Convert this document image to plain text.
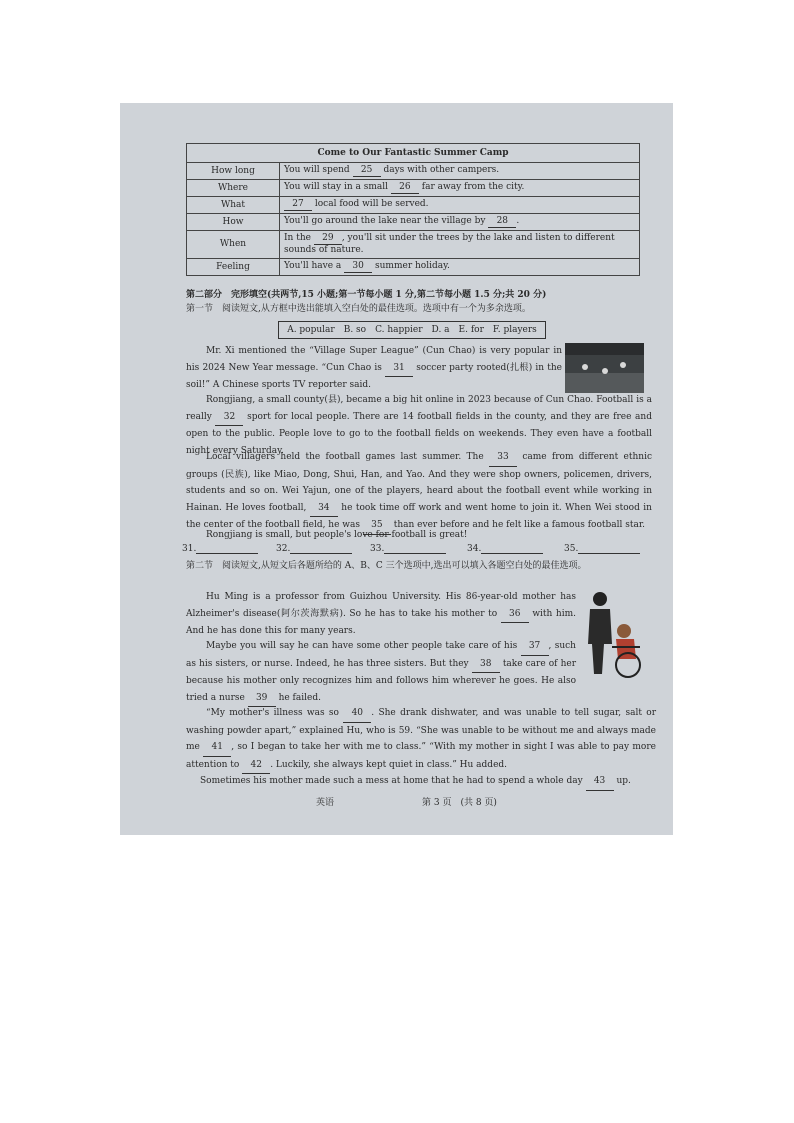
Come to Our Fantastic Summer Camp	
How long	You will spend 25 days with other campers.
Where	You will stay in a small 26 far away from the city.
What	27 local food will be served.
How	You'll go around the lake near the village by 28 .
When	In the 29 , you'll sit under the trees by the lake and listen to different sounds of nature.
Feeling	You'll have a 30 summer holiday.
第二部分　完形填空(共两节,15 小题;第一节每小题 1 分,第二节每小题 1.5 分;共 20 分)
第一节　阅读短文,从方框中选出能填入空白处的最佳选项。选项中有一个为多余选项。
A. popular　B. so　C. happier　D. a　E. for　F. players
Mr. Xi mentioned the “Village Super League” (Cun Chao) is very popular in his 2024 New Year message. “Cun Chao is 31 soccer party rooted(扎根) in the soil!” A Chinese sports TV reporter said.
Rongjiang, a small county(县), became a big hit online in 2023 because of Cun Chao. Football is a really 32 sport for local people. There are 14 football fields in the county, and they are free and open to the public. People love to go to the football fields on weekends. They even have a football night every Saturday.
Local villagers held the football games last summer. The 33 came from different ethnic groups (民族), like Miao, Dong, Shui, Han, and Yao. And they were shop owners, policemen, drivers, students and so on. Wei Yajun, one of the players, heard about the football event while working in Hainan. He loves football, 34 he took time off work and went home to join it. When Wei stood in the center of the football field, he was 35 than ever before and he felt like a famous football star.
Rongjiang is small, but people's love for football is great!
31.	32.	33.	34.	35.
第二节　阅读短文,从短文后各题所给的 A、B、C 三个选项中,选出可以填入各题空白处的最佳选项。
Hu Ming is a professor from Guizhou University. His 86-year-old mother has Alzheimer's disease(阿尔茨海默病). So he has to take his mother to 36 with him. And he has done this for many years.
Maybe you will say he can have some other people take care of his 37 , such as his sisters, or nurse. Indeed, he has three sisters. But they 38 take care of her because his mother only recognizes him and follows him wherever he goes. He also tried a nurse 39 he failed.
“My mother's illness was so 40 . She drank dishwater, and was unable to tell sugar, salt or washing powder apart,” explained Hu, who is 59. “She was unable to be without me and always made me 41 , so I began to take her with me to class.” “With my mother in sight I was able to pay more attention to 42 . Luckily, she always kept quiet in class.” Hu added.
Sometimes his mother made such a mess at home that he had to spend a whole day 43 up.
英语	第 3 页　(共 8 页)
